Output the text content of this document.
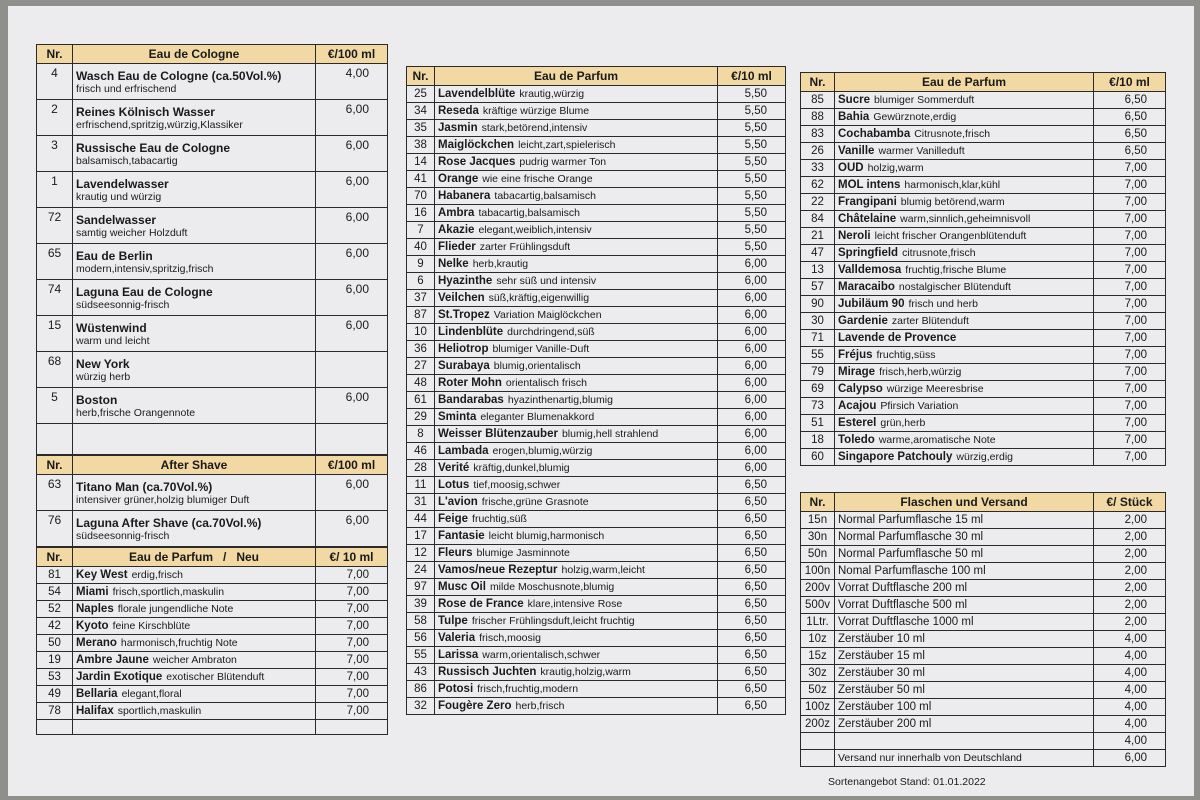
Nr.	Eau de Cologne	€/100 ml
4	Wasch Eau de Cologne (ca.50Vol.%)
frisch und erfrischend	4,00
2	Reines Kölnisch Wasser
erfrischend,spritzig,würzig,Klassiker	6,00
3	Russische Eau de Cologne
balsamisch,tabacartig	6,00
1	Lavendelwasser
krautig und würzig	6,00
72	Sandelwasser
samtig weicher Holzduft	6,00
65	Eau de Berlin
modern,intensiv,spritzig,frisch	6,00
74	Laguna Eau de Cologne
südseesonnig-frisch	6,00
15	Wüstenwind
warm und leicht	6,00
68	New York
würzig herb	

5	Boston
herb,frische Orangennote	6,00

Nr.	After Shave	€/100 ml
63	Titano Man (ca.70Vol.%)
intensiver grüner,holzig blumiger Duft	6,00
76	Laguna After Shave (ca.70Vol.%)
südseesonnig-frisch	6,00
Nr.	Eau de Parfum   /   Neu	€/ 10 ml
81	Key West erdig,frisch	7,00
54	Miami frisch,sportlich,maskulin	7,00
52	Naples florale jungendliche Note	7,00
42	Kyoto feine Kirschblüte	7,00
50	Merano harmonisch,fruchtig Note	7,00
19	Ambre Jaune weicher Ambraton	7,00
53	Jardin Exotique exotischer Blütenduft	7,00
49	Bellaria elegant,floral	7,00
78	Halifax sportlich,maskulin	7,00

Nr.	Eau de Parfum	€/10 ml
25	Lavendelblüte krautig,würzig	5,50
34	Reseda kräftige würzige Blume	5,50
35	Jasmin stark,betörend,intensiv	5,50
38	Maiglöckchen leicht,zart,spielerisch	5,50
14	Rose Jacques pudrig warmer Ton	5,50
41	Orange wie eine frische Orange	5,50
70	Habanera tabacartig,balsamisch	5,50
16	Ambra tabacartig,balsamisch	5,50
7	Akazie elegant,weiblich,intensiv	5,50
40	Flieder zarter Frühlingsduft	5,50
9	Nelke herb,krautig	6,00
6	Hyazinthe sehr süß und intensiv	6,00
37	Veilchen süß,kräftig,eigenwillig	6,00
87	St.Tropez Variation Maiglöckchen	6,00
10	Lindenblüte durchdringend,süß	6,00
36	Heliotrop blumiger Vanille-Duft	6,00
27	Surabaya blumig,orientalisch	6,00
48	Roter Mohn orientalisch frisch	6,00
61	Bandarabas hyazinthenartig,blumig	6,00
29	Sminta eleganter Blumenakkord	6,00
8	Weisser Blütenzauber blumig,hell strahlend	6,00
46	Lambada erogen,blumig,würzig	6,00
28	Verité kräftig,dunkel,blumig	6,00
11	Lotus tief,moosig,schwer	6,50
31	L'avion frische,grüne Grasnote	6,50
44	Feige fruchtig,süß	6,50
17	Fantasie leicht blumig,harmonisch	6,50
12	Fleurs blumige Jasminnote	6,50
24	Vamos/neue Rezeptur holzig,warm,leicht	6,50
97	Musc Oil milde Moschusnote,blumig	6,50
39	Rose de France klare,intensive Rose	6,50
58	Tulpe frischer Frühlingsduft,leicht fruchtig	6,50
56	Valeria frisch,moosig	6,50
55	Larissa warm,orientalisch,schwer	6,50
43	Russisch Juchten krautig,holzig,warm	6,50
86	Potosi frisch,fruchtig,modern	6,50
32	Fougère Zero herb,frisch	6,50
Nr.	Eau de Parfum	€/10 ml
85	Sucre blumiger Sommerduft	6,50
88	Bahia Gewürznote,erdig	6,50
83	Cochabamba Citrusnote,frisch	6,50
26	Vanille warmer Vanilleduft	6,50
33	OUD holzig,warm	7,00
62	MOL intens harmonisch,klar,kühl	7,00
22	Frangipani blumig betörend,warm	7,00
84	Châtelaine warm,sinnlich,geheimnisvoll	7,00
21	Neroli leicht frischer Orangenblütenduft	7,00
47	Springfield citrusnote,frisch	7,00
13	Valldemosa fruchtig,frische Blume	7,00
57	Maracaibo nostalgischer Blütenduft	7,00
90	Jubiläum 90 frisch und herb	7,00
30	Gardenie zarter Blütenduft	7,00
71	Lavende de Provence	7,00
55	Fréjus fruchtig,süss	7,00
79	Mirage frisch,herb,würzig	7,00
69	Calypso würzige Meeresbrise	7,00
73	Acajou Pfirsich Variation	7,00
51	Esterel grün,herb	7,00
18	Toledo warme,aromatische Note	7,00
60	Singapore Patchouly würzig,erdig	7,00
Nr.	Flaschen und Versand	€/ Stück
15n	Normal Parfumflasche 15 ml	2,00
30n	Normal Parfumflasche 30 ml	2,00
50n	Normal Parfumflasche 50 ml	2,00
100n	Nomal Parfumflasche 100 ml	2,00
200v	Vorrat Duftflasche 200 ml	2,00
500v	Vorrat Duftflasche 500 ml	2,00
1Ltr.	Vorrat Duftflasche 1000 ml	2,00
10z	Zerstäuber 10 ml	4,00
15z	Zerstäuber 15 ml	4,00
30z	Zerstäuber 30 ml	4,00
50z	Zerstäuber 50 ml	4,00
100z	Zerstäuber 100 ml	4,00
200z	Zerstäuber 200 ml	4,00
		4,00
	Versand nur innerhalb von Deutschland	6,00
Sortenangebot Stand: 01.01.2022
